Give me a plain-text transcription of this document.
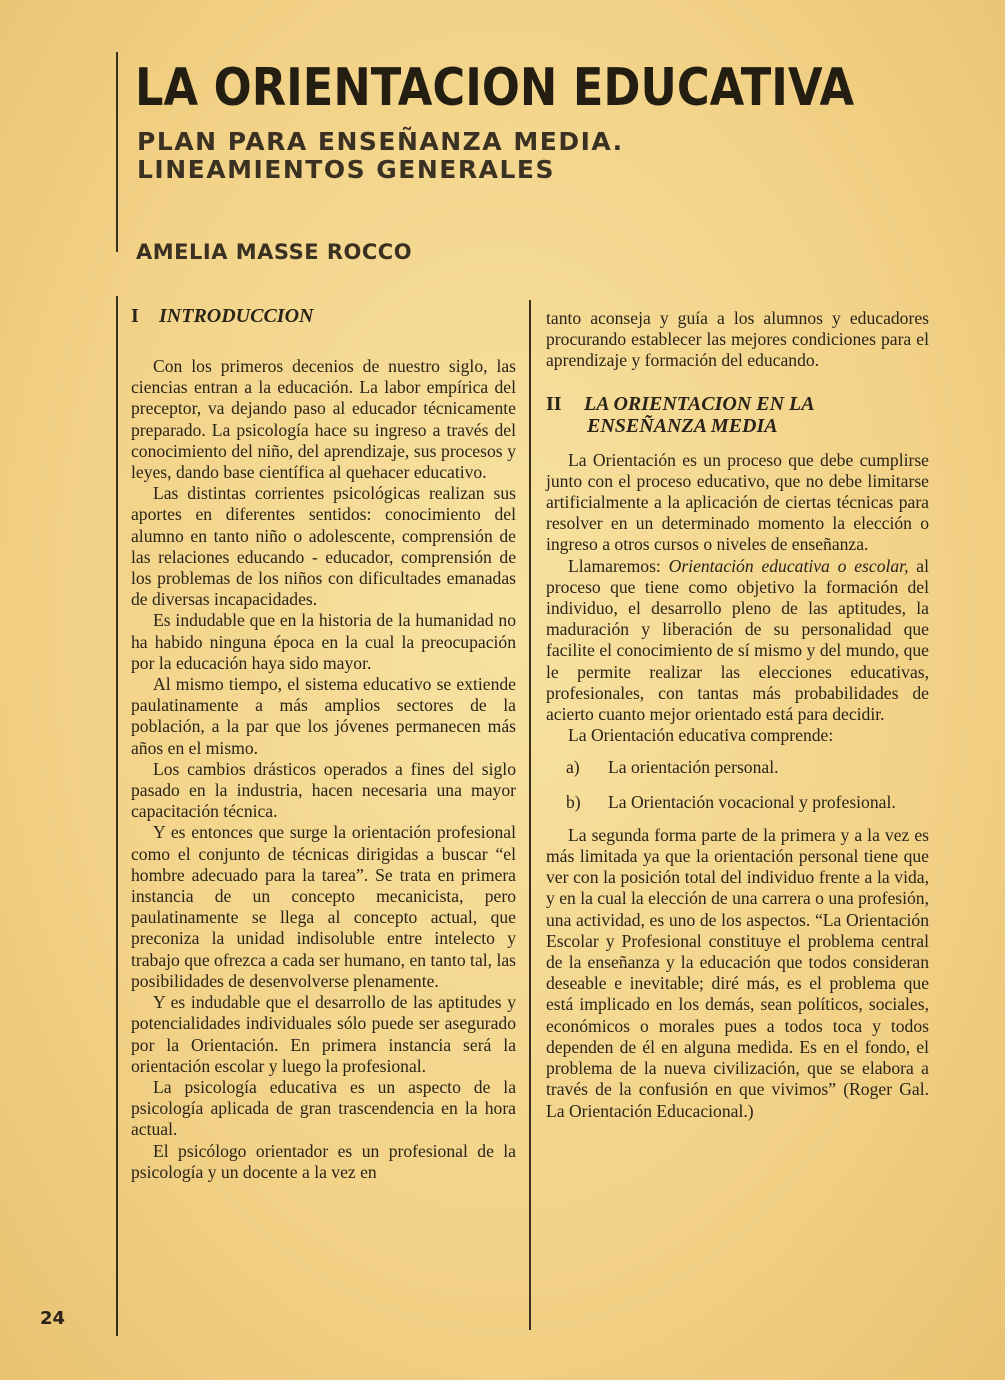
LA ORIENTACION EDUCATIVA
PLAN PARA ENSEÑANZA MEDIA.
LINEAMIENTOS GENERALES
AMELIA MASSE ROCCO
I INTRODUCCION

Con los primeros decenios de nuestro siglo, las ciencias entran a la educación. La labor empírica del preceptor, va dejando paso al educador técnicamente preparado. La psicología hace su ingreso a través del conocimiento del niño, del aprendizaje, sus procesos y leyes, dando base científica al quehacer educativo.

Las distintas corrientes psicológicas realizan sus aportes en diferentes sentidos: conocimiento del alumno en tanto niño o adolescente, comprensión de las relaciones educando - educador, comprensión de los problemas de los niños con dificultades emanadas de diversas incapacidades.

Es indudable que en la historia de la humanidad no ha habido ninguna época en la cual la preocupación por la educación haya sido mayor.

Al mismo tiempo, el sistema educativo se extiende paulatinamente a más amplios sectores de la población, a la par que los jóvenes permanecen más años en el mismo.

Los cambios drásticos operados a fines del siglo pasado en la industria, hacen necesaria una mayor capacitación técnica.

Y es entonces que surge la orientación profesional como el conjunto de técnicas dirigidas a buscar “el hombre adecuado para la tarea”. Se trata en primera instancia de un concepto mecanicista, pero paulatinamente se llega al concepto actual, que preconiza la unidad indisoluble entre intelecto y trabajo que ofrezca a cada ser humano, en tanto tal, las posibilidades de desenvolverse plenamente.

Y es indudable que el desarrollo de las aptitudes y potencialidades individuales sólo puede ser asegurado por la Orientación. En primera instancia será la orientación escolar y luego la profesional.

La psicología educativa es un aspecto de la psicología aplicada de gran trascendencia en la hora actual.

El psicólogo orientador es un profesional de la psicología y un docente a la vez en

tanto aconseja y guía a los alumnos y educadores procurando establecer las mejores condiciones para el aprendizaje y formación del educando.

II LA ORIENTACION EN LA
ENSEÑANZA MEDIA

La Orientación es un proceso que debe cumplirse junto con el proceso educativo, que no debe limitarse artificialmente a la aplicación de ciertas técnicas para resolver en un determinado momento la elección o ingreso a otros cursos o niveles de enseñanza.

Llamaremos: Orientación educativa o escolar, al proceso que tiene como objetivo la formación del individuo, el desarrollo pleno de las aptitudes, la maduración y liberación de su personalidad que facilite el conocimiento de sí mismo y del mundo, que le permite realizar las elecciones educativas, profesionales, con tantas más probabilidades de acierto cuanto mejor orientado está para decidir.

La Orientación educativa comprende:

a)	La orientación personal.
b)	La Orientación vocacional y profesional.

La segunda forma parte de la primera y a la vez es más limitada ya que la orientación personal tiene que ver con la posición total del individuo frente a la vida, y en la cual la elección de una carrera o una profesión, una actividad, es uno de los aspectos. “La Orientación Escolar y Profesional constituye el problema central de la enseñanza y la educación que todos consideran deseable e inevitable; diré más, es el problema que está implicado en los demás, sean políticos, sociales, económicos o morales pues a todos toca y todos dependen de él en alguna medida. Es en el fondo, el problema de la nueva civilización, que se elabora a través de la confusión en que vivimos” (Roger Gal. La Orientación Educacional.)

24
